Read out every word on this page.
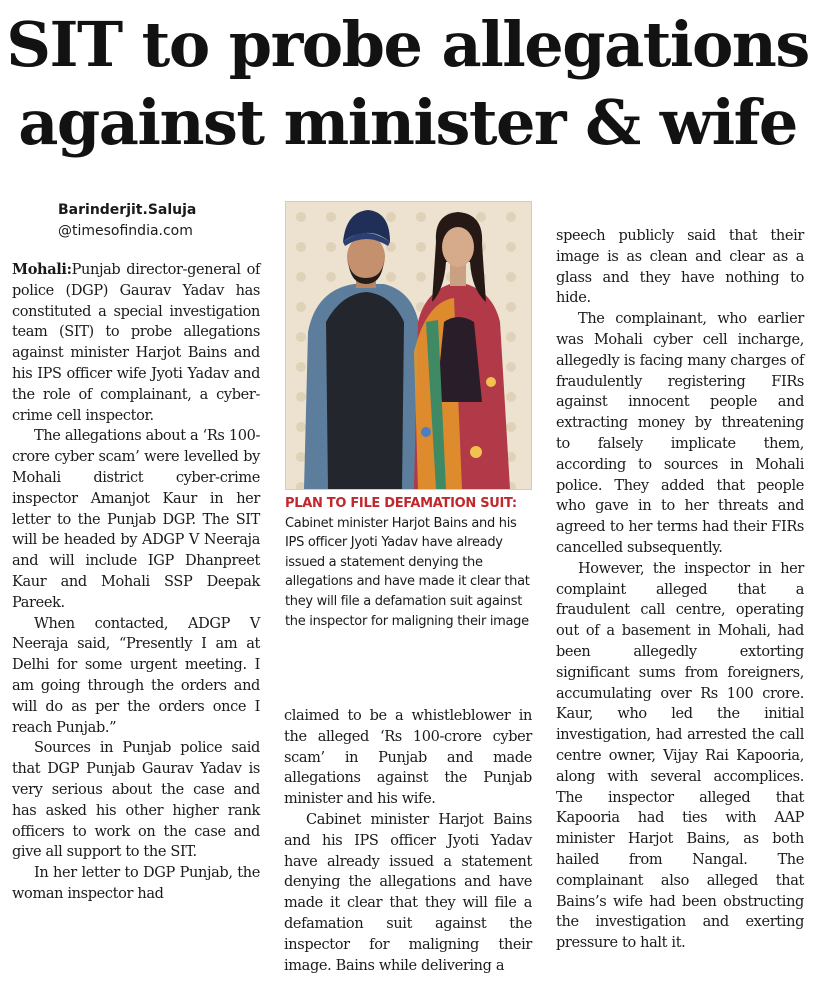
SIT to probe allegations
against minister & wife
Barinderjit.Saluja
@timesofindia.com

Mohali:Punjab director-general of police (DGP) Gaurav Yadav has constituted a special investigation team (SIT) to probe allegations against minister Harjot Bains and his IPS officer wife Jyoti Yadav and the role of complainant, a cyber-crime cell inspector.

The allegations about a ‘Rs 100-crore cyber scam’ were levelled by Mohali district cyber-crime inspector Amanjot Kaur in her letter to the Punjab DGP. The SIT will be headed by ADGP V Neeraja and will include IGP Dhanpreet Kaur and Mohali SSP Deepak Pareek.

When contacted, ADGP V Neeraja said, “Presently I am at Delhi for some urgent meeting. I am going through the orders and will do as per the orders once I reach Punjab.”

Sources in Punjab police said that DGP Punjab Gaurav Yadav is very serious about the case and has asked his other higher rank officers to work on the case and give all support to the SIT.

In her letter to DGP Punjab, the woman inspector had

PLAN TO FILE DEFAMATION SUIT: Cabinet minister Harjot Bains and his IPS officer Jyoti Yadav have already issued a statement denying the allegations and have made it clear that they will file a defamation suit against the inspector for maligning their image

claimed to be a whistleblower in the alleged ‘Rs 100-crore cyber scam’ in Punjab and made allegations against the Punjab minister and his wife.

Cabinet minister Harjot Bains and his IPS officer Jyoti Yadav have already issued a statement denying the allegations and have made it clear that they will file a defamation suit against the inspector for maligning their image. Bains while delivering a

speech publicly said that their image is as clean and clear as a glass and they have nothing to hide.

The complainant, who earlier was Mohali cyber cell incharge, allegedly is facing many charges of fraudulently registering FIRs against innocent people and extracting money by threatening to falsely implicate them, according to sources in Mohali police. They added that people who gave in to her threats and agreed to her terms had their FIRs cancelled subsequently.

However, the inspector in her complaint alleged that a fraudulent call centre, operating out of a basement in Mohali, had been allegedly extorting significant sums from foreigners, accumulating over Rs 100 crore. Kaur, who led the initial investigation, had arrested the call centre owner, Vijay Rai Kapooria, along with several accomplices. The inspector alleged that Kapooria had ties with AAP minister Harjot Bains, as both hailed from Nangal. The complainant also alleged that Bains’s wife had been obstructing the investigation and exerting pressure to halt it.
